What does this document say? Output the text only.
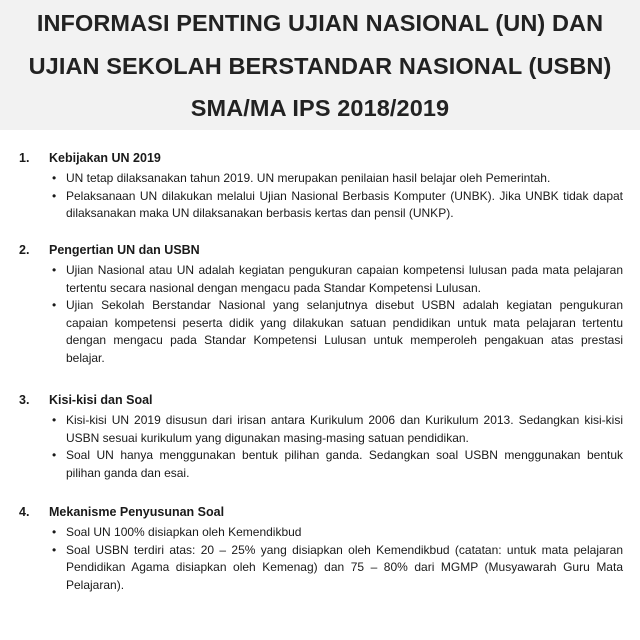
INFORMASI PENTING UJIAN NASIONAL (UN) DAN
UJIAN SEKOLAH BERSTANDAR NASIONAL (USBN)
SMA/MA IPS 2018/2019
1. Kebijakan UN 2019
• UN tetap dilaksanakan tahun 2019. UN merupakan penilaian hasil belajar oleh Pemerintah.
• Pelaksanaan UN dilakukan melalui Ujian Nasional Berbasis Komputer (UNBK). Jika UNBK tidak dapat dilaksanakan maka UN dilaksanakan berbasis kertas dan pensil (UNKP).
2. Pengertian UN dan USBN
• Ujian Nasional atau UN adalah kegiatan pengukuran capaian kompetensi lulusan pada mata pelajaran tertentu secara nasional dengan mengacu pada Standar Kompetensi Lulusan.
• Ujian Sekolah Berstandar Nasional yang selanjutnya disebut USBN adalah kegiatan pengukuran capaian kompetensi peserta didik yang dilakukan satuan pendidikan untuk mata pelajaran tertentu dengan mengacu pada Standar Kompetensi Lulusan untuk memperoleh pengakuan atas prestasi belajar.
3. Kisi-kisi dan Soal
• Kisi-kisi UN 2019 disusun dari irisan antara Kurikulum 2006 dan Kurikulum 2013. Sedangkan kisi-kisi USBN sesuai kurikulum yang digunakan masing-masing satuan pendidikan.
• Soal UN hanya menggunakan bentuk pilihan ganda. Sedangkan soal USBN menggunakan bentuk pilihan ganda dan esai.
4. Mekanisme Penyusunan Soal
• Soal UN 100% disiapkan oleh Kemendikbud
• Soal USBN terdiri atas: 20 – 25% yang disiapkan oleh Kemendikbud (catatan: untuk mata pelajaran Pendidikan Agama disiapkan oleh Kemenag) dan 75 – 80% dari MGMP (Musyawarah Guru Mata Pelajaran).
